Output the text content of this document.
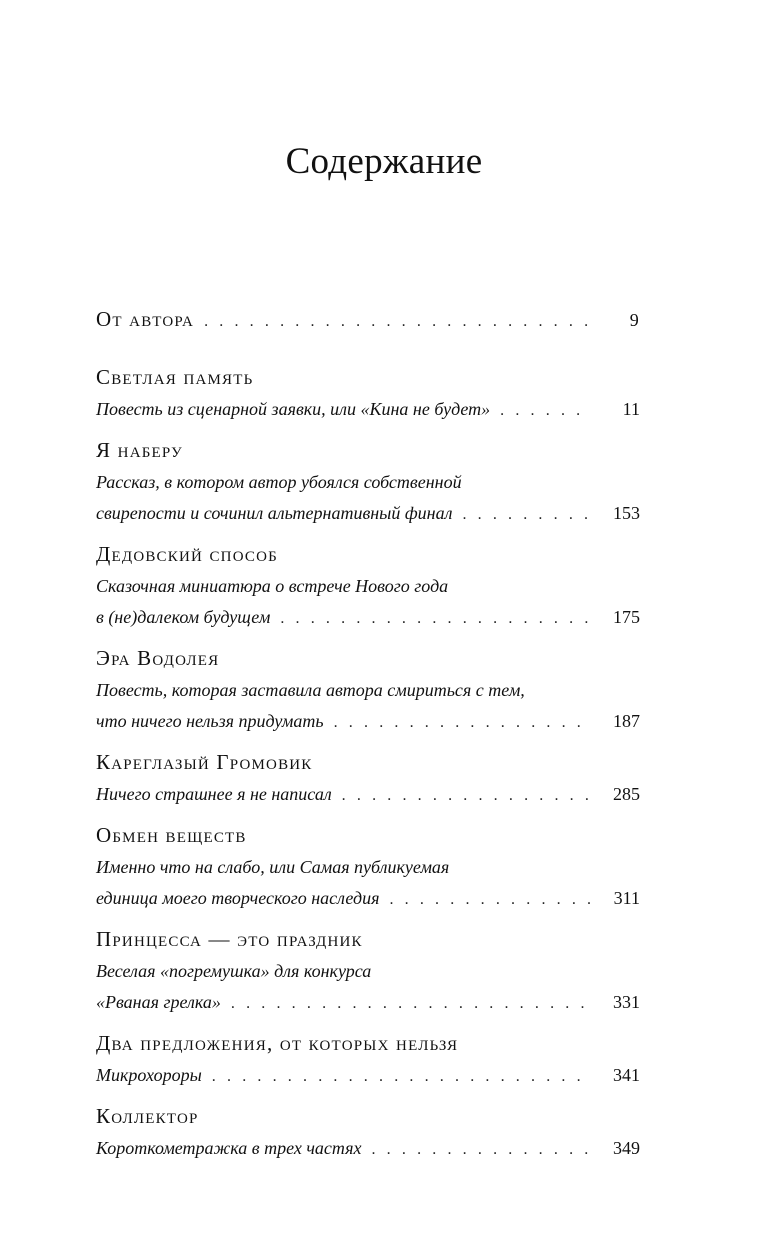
Содержание
От автора . . .	9
Светлая память
Повесть из сценарной заявки, или «Кина не будет» . . .	11
Я наберу
Рассказ, в котором автор убоялся собственной
свирепости и сочинил альтернативный финал . . .	153
Дедовский способ
Сказочная миниатюра о встрече Нового года
в (не)далеком будущем . . .	175
Эра Водолея
Повесть, которая заставила автора смириться с тем,
что ничего нельзя придумать . . .	187
Кареглазый Громовик
Ничего страшнее я не написал . . .	285
Обмен веществ
Именно что на слабо, или Самая публикуемая
единица моего творческого наследия . . .	311
Принцесса — это праздник
Веселая «погремушка» для конкурса
«Рваная грелка» . . .	331
Два предложения, от которых нельзя
Микрохороры . . .	341
Коллектор
Короткометражка в трех частях . . .	349
